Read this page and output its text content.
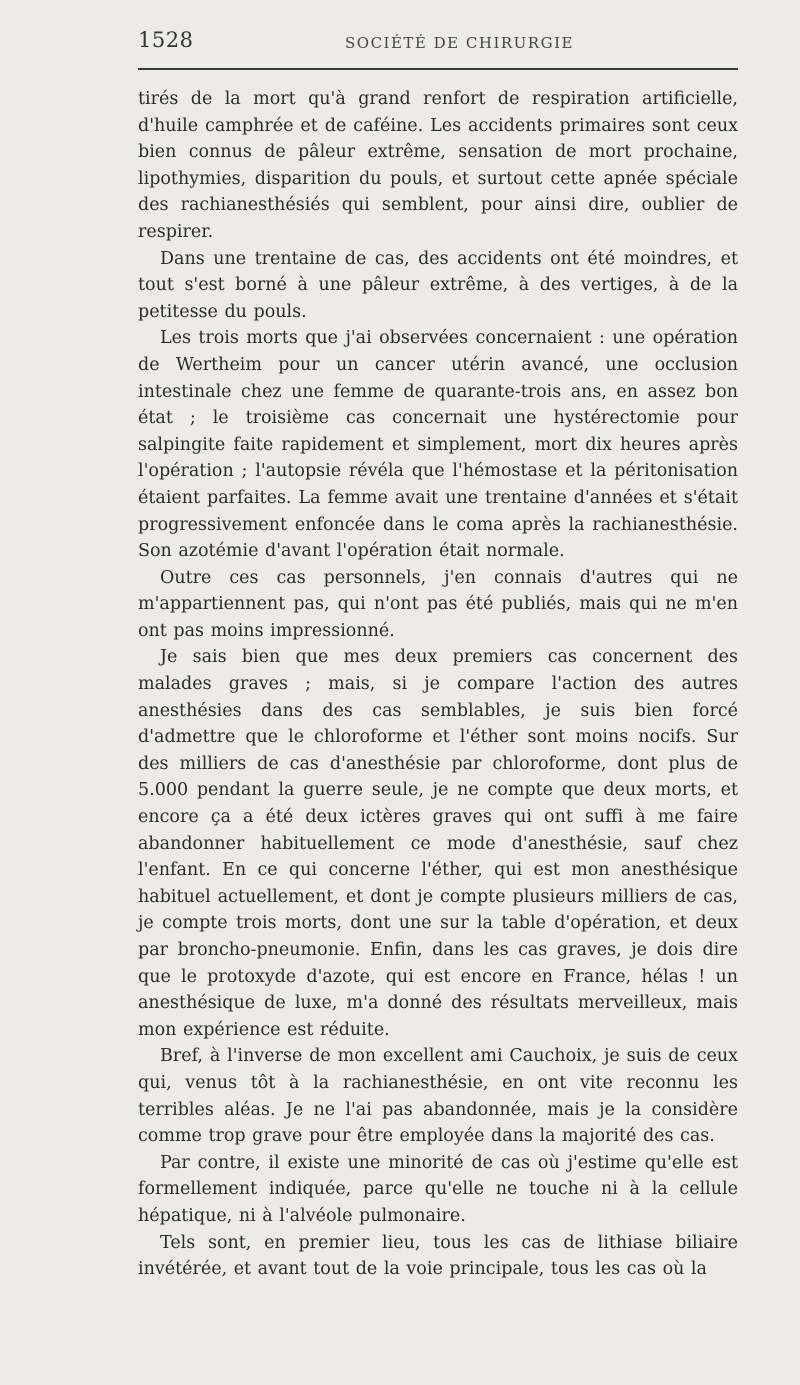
1528	SOCIÉTÉ DE CHIRURGIE

tirés de la mort qu'à grand renfort de respiration artificielle, d'huile camphrée et de caféine. Les accidents primaires sont ceux bien connus de pâleur extrême, sensation de mort prochaine, lipothymies, disparition du pouls, et surtout cette apnée spéciale des rachianesthésiés qui semblent, pour ainsi dire, oublier de respirer.

Dans une trentaine de cas, des accidents ont été moindres, et tout s'est borné à une pâleur extrême, à des vertiges, à de la petitesse du pouls.

Les trois morts que j'ai observées concernaient : une opération de Wertheim pour un cancer utérin avancé, une occlusion intestinale chez une femme de quarante-trois ans, en assez bon état ; le troisième cas concernait une hystérectomie pour salpingite faite rapidement et simplement, mort dix heures après l'opération ; l'autopsie révéla que l'hémostase et la péritonisation étaient parfaites. La femme avait une trentaine d'années et s'était progressivement enfoncée dans le coma après la rachianesthésie. Son azotémie d'avant l'opération était normale.

Outre ces cas personnels, j'en connais d'autres qui ne m'appartiennent pas, qui n'ont pas été publiés, mais qui ne m'en ont pas moins impressionné.

Je sais bien que mes deux premiers cas concernent des malades graves ; mais, si je compare l'action des autres anesthésies dans des cas semblables, je suis bien forcé d'admettre que le chloroforme et l'éther sont moins nocifs. Sur des milliers de cas d'anesthésie par chloroforme, dont plus de 5.000 pendant la guerre seule, je ne compte que deux morts, et encore ça a été deux ictères graves qui ont suffi à me faire abandonner habituellement ce mode d'anesthésie, sauf chez l'enfant. En ce qui concerne l'éther, qui est mon anesthésique habituel actuellement, et dont je compte plusieurs milliers de cas, je compte trois morts, dont une sur la table d'opération, et deux par broncho-pneumonie. Enfin, dans les cas graves, je dois dire que le protoxyde d'azote, qui est encore en France, hélas ! un anesthésique de luxe, m'a donné des résultats merveilleux, mais mon expérience est réduite.

Bref, à l'inverse de mon excellent ami Cauchoix, je suis de ceux qui, venus tôt à la rachianesthésie, en ont vite reconnu les terribles aléas. Je ne l'ai pas abandonnée, mais je la considère comme trop grave pour être employée dans la majorité des cas.

Par contre, il existe une minorité de cas où j'estime qu'elle est formellement indiquée, parce qu'elle ne touche ni à la cellule hépatique, ni à l'alvéole pulmonaire.

Tels sont, en premier lieu, tous les cas de lithiase biliaire invétérée, et avant tout de la voie principale, tous les cas où la
